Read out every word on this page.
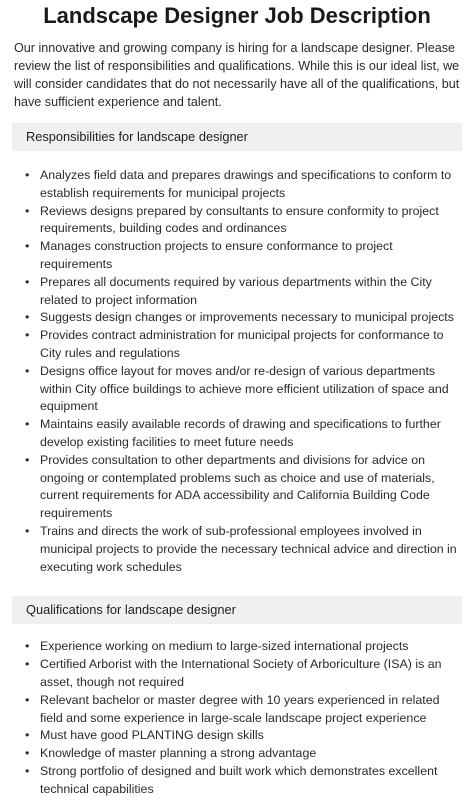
Landscape Designer Job Description

Our innovative and growing company is hiring for a landscape designer. Please review the list of responsibilities and qualifications. While this is our ideal list, we will consider candidates that do not necessarily have all of the qualifications, but have sufficient experience and talent.

Responsibilities for landscape designer
• Analyzes field data and prepares drawings and specifications to conform to establish requirements for municipal projects
• Reviews designs prepared by consultants to ensure conformity to project requirements, building codes and ordinances
• Manages construction projects to ensure conformance to project requirements
• Prepares all documents required by various departments within the City related to project information
• Suggests design changes or improvements necessary to municipal projects
• Provides contract administration for municipal projects for conformance to City rules and regulations
• Designs office layout for moves and/or re-design of various departments within City office buildings to achieve more efficient utilization of space and equipment
• Maintains easily available records of drawing and specifications to further develop existing facilities to meet future needs
• Provides consultation to other departments and divisions for advice on ongoing or contemplated problems such as choice and use of materials, current requirements for ADA accessibility and California Building Code requirements
• Trains and directs the work of sub-professional employees involved in municipal projects to provide the necessary technical advice and direction in executing work schedules
Qualifications for landscape designer
• Experience working on medium to large-sized international projects
• Certified Arborist with the International Society of Arboriculture (ISA) is an asset, though not required
• Relevant bachelor or master degree with 10 years experienced in related field and some experience in large-scale landscape project experience
• Must have good PLANTING design skills
• Knowledge of master planning a strong advantage
• Strong portfolio of designed and built work which demonstrates excellent technical capabilities
